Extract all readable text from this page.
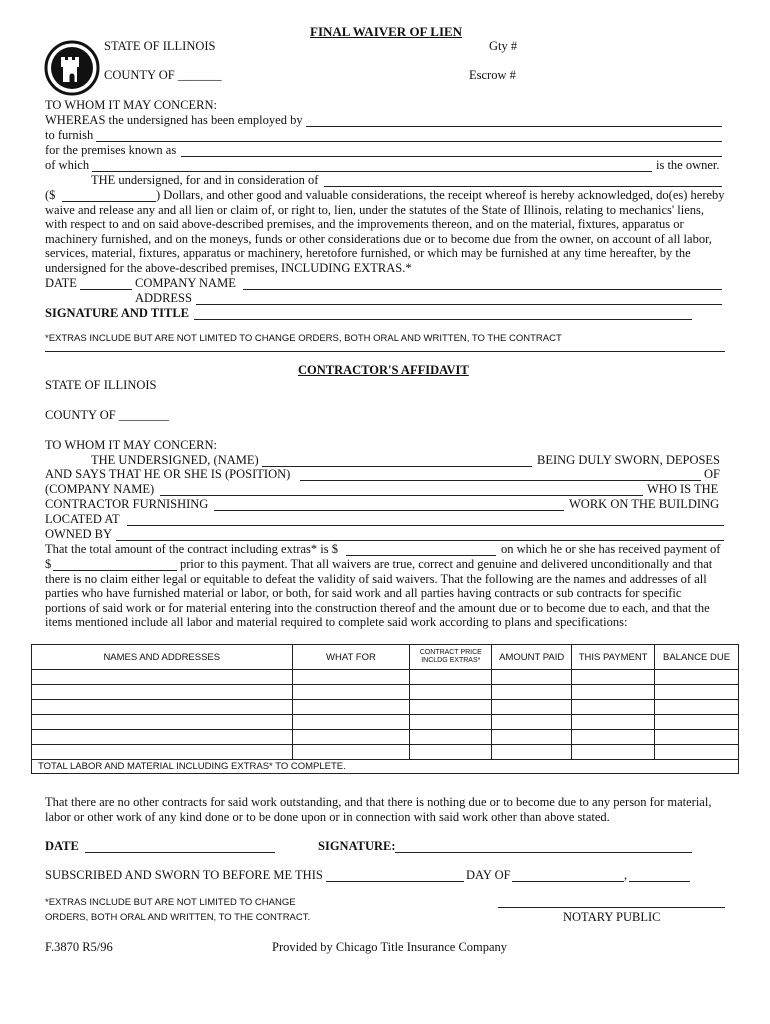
FINAL WAIVER OF LIEN
STATE OF ILLINOIS	Gty #
COUNTY OF _______	Escrow #
TO WHOM IT MAY CONCERN:
WHEREAS the undersigned has been employed by
to furnish
for the premises known as
of which	is the owner.
THE undersigned, for and in consideration of
($	) Dollars, and other good and valuable considerations, the receipt whereof is hereby acknowledged, do(es) hereby waive and release any and all lien or claim of, or right to, lien, under the statutes of the State of Illinois, relating to mechanics' liens, with respect to and on said above-described premises, and the improvements thereon, and on the material, fixtures, apparatus or machinery furnished, and on the moneys, funds or other considerations due or to become due from the owner, on account of all labor, services, material, fixtures, apparatus or machinery, heretofore furnished, or which may be furnished at any time hereafter, by the undersigned for the above-described premises, INCLUDING EXTRAS.*
DATE	COMPANY NAME
ADDRESS
SIGNATURE AND TITLE
*EXTRAS INCLUDE BUT ARE NOT LIMITED TO CHANGE ORDERS, BOTH ORAL AND WRITTEN, TO THE CONTRACT
CONTRACTOR'S AFFIDAVIT
STATE OF ILLINOIS
COUNTY OF ________
TO WHOM IT MAY CONCERN:
THE UNDERSIGNED, (NAME)	BEING DULY SWORN, DEPOSES
AND SAYS THAT HE OR SHE IS (POSITION)	OF
(COMPANY NAME)	WHO IS THE
CONTRACTOR FURNISHING	WORK ON THE BUILDING
LOCATED AT
OWNED BY
That the total amount of the contract including extras* is $	on which he or she has received payment of
$	prior to this payment. That all waivers are true, correct and genuine and delivered unconditionally and that there is no claim either legal or equitable to defeat the validity of said waivers. That the following are the names and addresses of all parties who have furnished material or labor, or both, for said work and all parties having contracts or sub contracts for specific portions of said work or for material entering into the construction thereof and the amount due or to become due to each, and that the items mentioned include all labor and material required to complete said work according to plans and specifications:
NAMES AND ADDRESSES	WHAT FOR	CONTRACT PRICE INCLDG EXTRAS*	AMOUNT PAID	THIS PAYMENT	BALANCE DUE

TOTAL LABOR AND MATERIAL INCLUDING EXTRAS* TO COMPLETE.					
That there are no other contracts for said work outstanding, and that there is nothing due or to become due to any person for material, labor or other work of any kind done or to be done upon or in connection with said work other than above stated.
DATE	SIGNATURE:
SUBSCRIBED AND SWORN TO BEFORE ME THIS	DAY OF	,
*EXTRAS INCLUDE BUT ARE NOT LIMITED TO CHANGE
ORDERS, BOTH ORAL AND WRITTEN, TO THE CONTRACT.	NOTARY PUBLIC
F.3870 R5/96	Provided by Chicago Title Insurance Company
